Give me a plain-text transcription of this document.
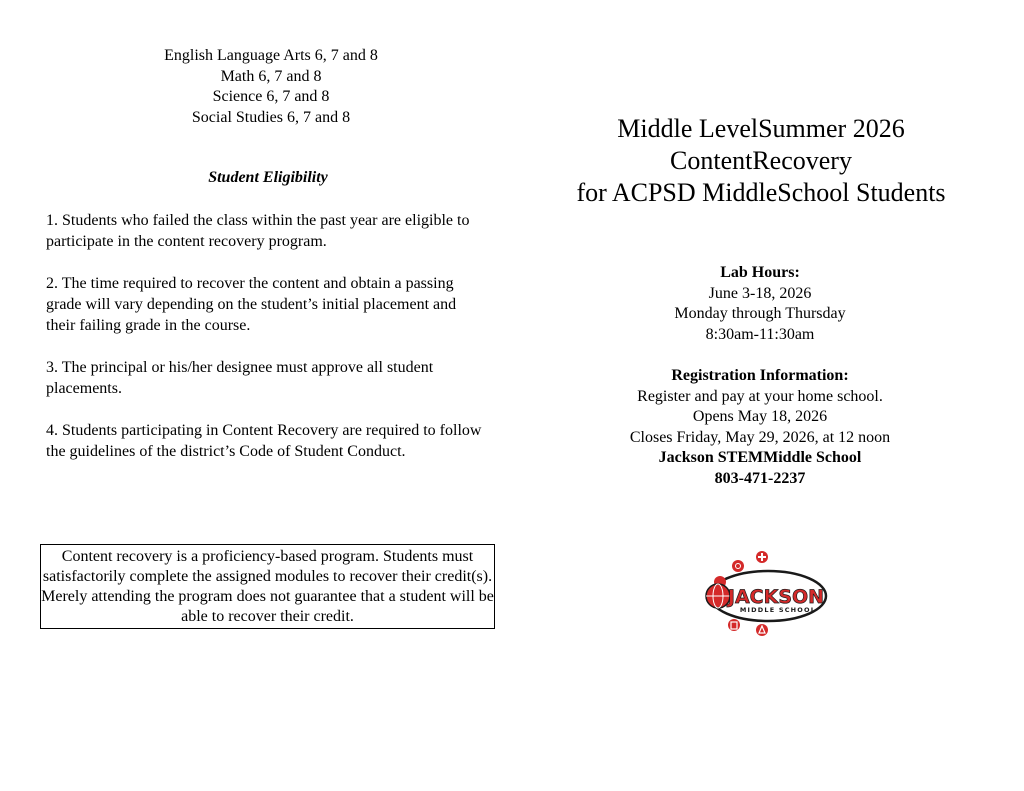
English Language Arts 6, 7 and 8
Math 6, 7 and 8
Science 6, 7 and 8
Social Studies 6, 7 and 8
Student Eligibility
1. Students who failed the class within the past year are eligible to participate in the content recovery program.
2. The time required to recover the content and obtain a passing grade will vary depending on the student’s initial placement and their failing grade in the course.
3. The principal or his/her designee must approve all student placements.
4. Students participating in Content Recovery are required to follow the guidelines of the district’s Code of Student Conduct.
Content recovery is a proficiency-based program. Students must satisfactorily complete the assigned modules to recover their credit(s). Merely attending the program does not guarantee that a student will be able to recover their credit.
Middle LevelSummer 2026
ContentRecovery
for ACPSD MiddleSchool Students
Lab Hours:
June 3-18, 2026
Monday through Thursday
8:30am-11:30am
Registration Information:
Register and pay at your home school.
Opens May 18, 2026
Closes Friday, May 29, 2026, at 12 noon
Jackson STEMMiddle School
803-471-2237
JACKSON
MIDDLE SCHOOL
